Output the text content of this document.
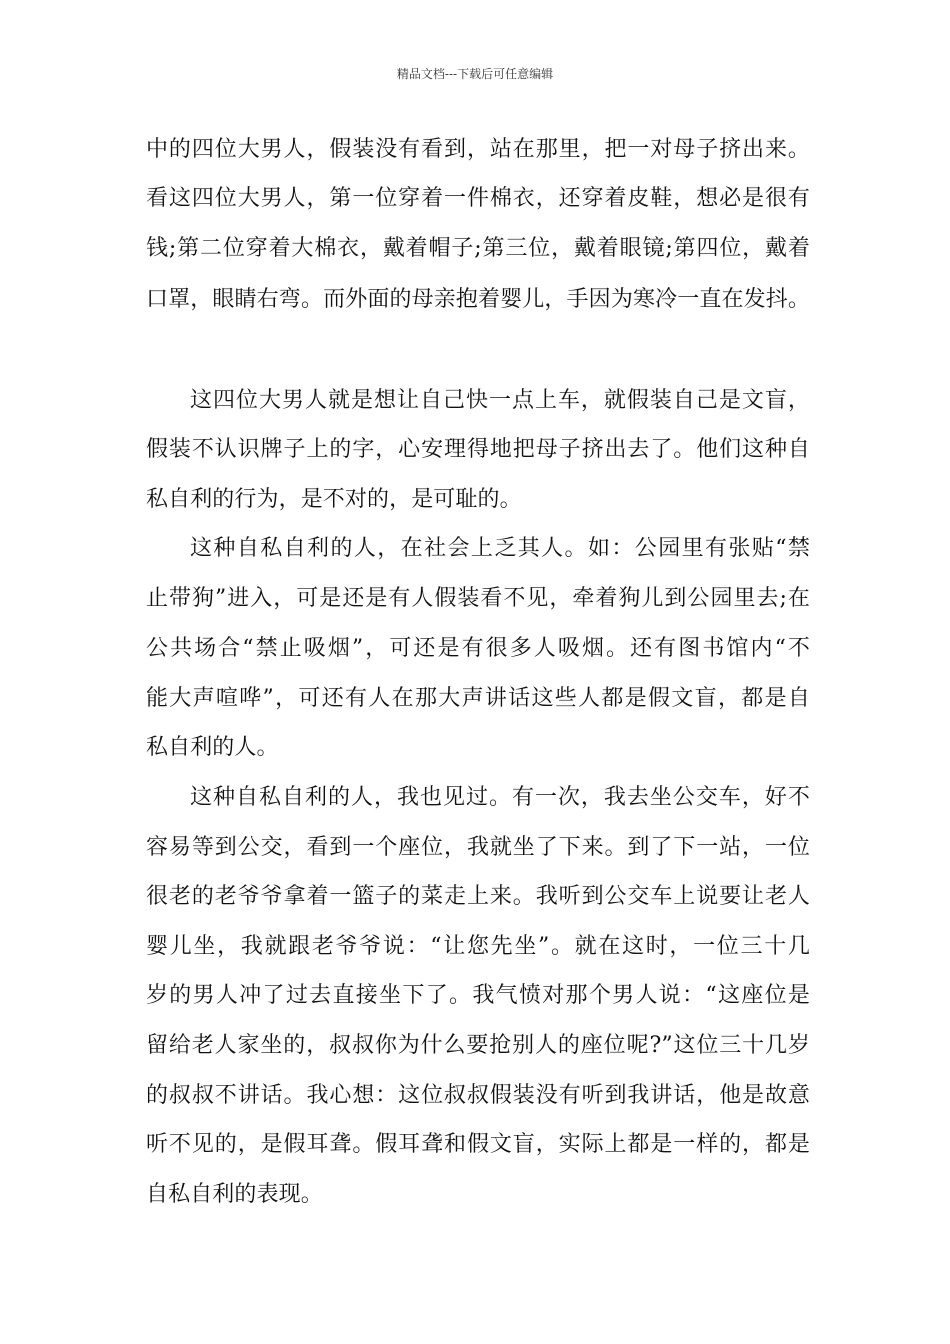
精品文档---下载后可任意编辑
中的四位大男人，假装没有看到，站在那里，把一对母子挤出来。
看这四位大男人，第一位穿着一件棉衣，还穿着皮鞋，想必是很有
钱;第二位穿着大棉衣，戴着帽子;第三位，戴着眼镜;第四位，戴着
口罩，眼睛右弯。而外面的母亲抱着婴儿，手因为寒冷一直在发抖。
这四位大男人就是想让自己快一点上车，就假装自己是文盲，
假装不认识牌子上的字，心安理得地把母子挤出去了。他们这种自
私自利的行为，是不对的，是可耻的。
这种自私自利的人，在社会上乏其人。如：公园里有张贴“禁
止带狗”进入，可是还是有人假装看不见，牵着狗儿到公园里去;在
公共场合“禁止吸烟”，可还是有很多人吸烟。还有图书馆内“不
能大声喧哗”，可还有人在那大声讲话这些人都是假文盲，都是自
私自利的人。
这种自私自利的人，我也见过。有一次，我去坐公交车，好不
容易等到公交，看到一个座位，我就坐了下来。到了下一站，一位
很老的老爷爷拿着一篮子的菜走上来。我听到公交车上说要让老人
婴儿坐，我就跟老爷爷说：“让您先坐”。就在这时，一位三十几
岁的男人冲了过去直接坐下了。我气愤对那个男人说：“这座位是
留给老人家坐的，叔叔你为什么要抢别人的座位呢?”这位三十几岁
的叔叔不讲话。我心想：这位叔叔假装没有听到我讲话，他是故意
听不见的，是假耳聋。假耳聋和假文盲，实际上都是一样的，都是
自私自利的表现。
